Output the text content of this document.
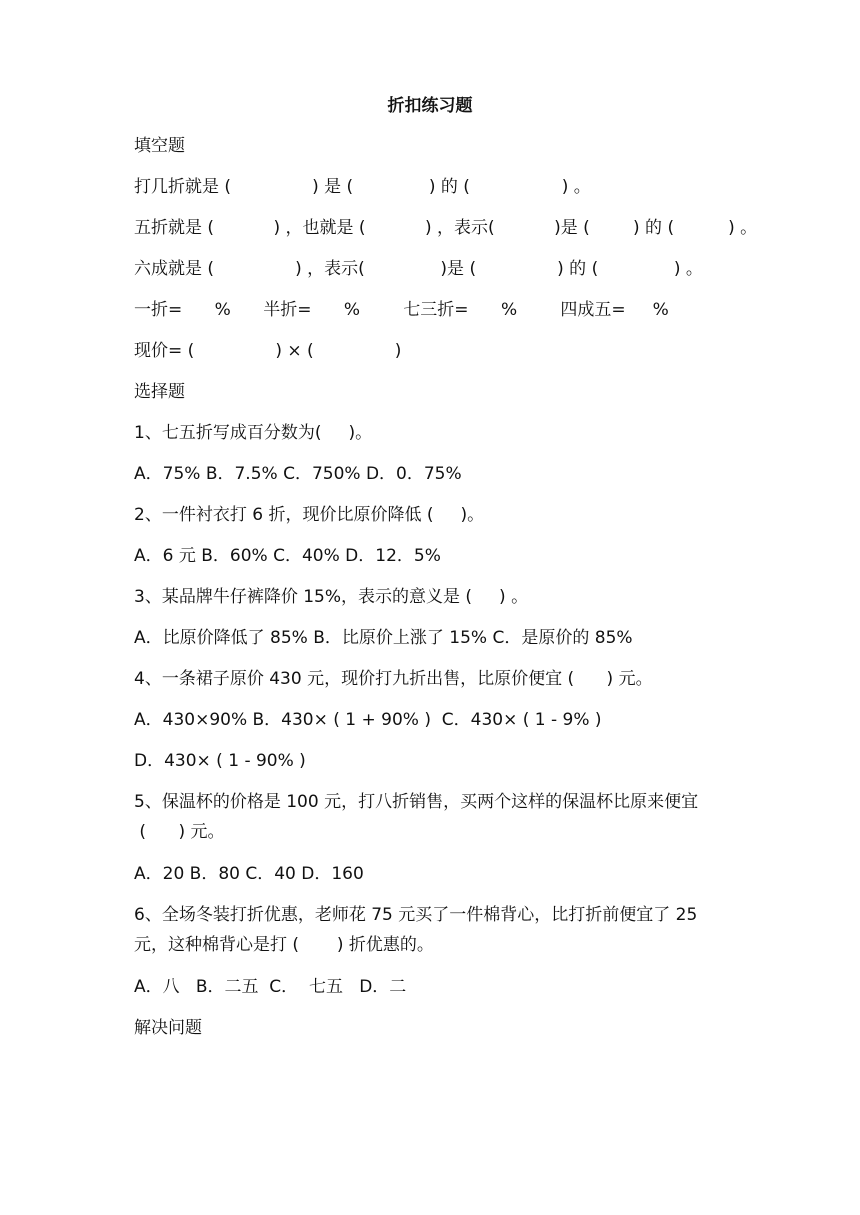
折扣练习题
填空题
打几折就是 (               ) 是 (              ) 的 (                 ) 。
五折就是 (           ) ，也就是 (           ) ，表示(           )是 (        ) 的 (          ) 。
六成就是 (               ) ，表示(              )是 (               ) 的 (              ) 。
一折=      %      半折=      %        七三折=      %        四成五=     %
现价= (               ) × (               )
选择题
1、七五折写成百分数为(     )。
A．75% B．7.5% C．750% D．0．75%
2、一件衬衣打 6 折，现价比原价降低 (     )。
A．6 元 B．60% C．40% D．12．5%
3、某品牌牛仔裤降价 15%，表示的意义是 (     ) 。
A．比原价降低了 85% B．比原价上涨了 15% C．是原价的 85%
4、一条裙子原价 430 元，现价打九折出售，比原价便宜 (      ) 元。
A．430×90% B．430× ( 1 + 90% )  C．430× ( 1 - 9% )
D．430× ( 1 - 90% )
5、保温杯的价格是 100 元，打八折销售，买两个这样的保温杯比原来便宜
(      ) 元。
A．20 B．80 C．40 D．160
6、全场冬装打折优惠，老师花 75 元买了一件棉背心，比打折前便宜了 25
元，这种棉背心是打 (       ) 折优惠的。
A．八   B．二五  C．  七五   D．二
解决问题
